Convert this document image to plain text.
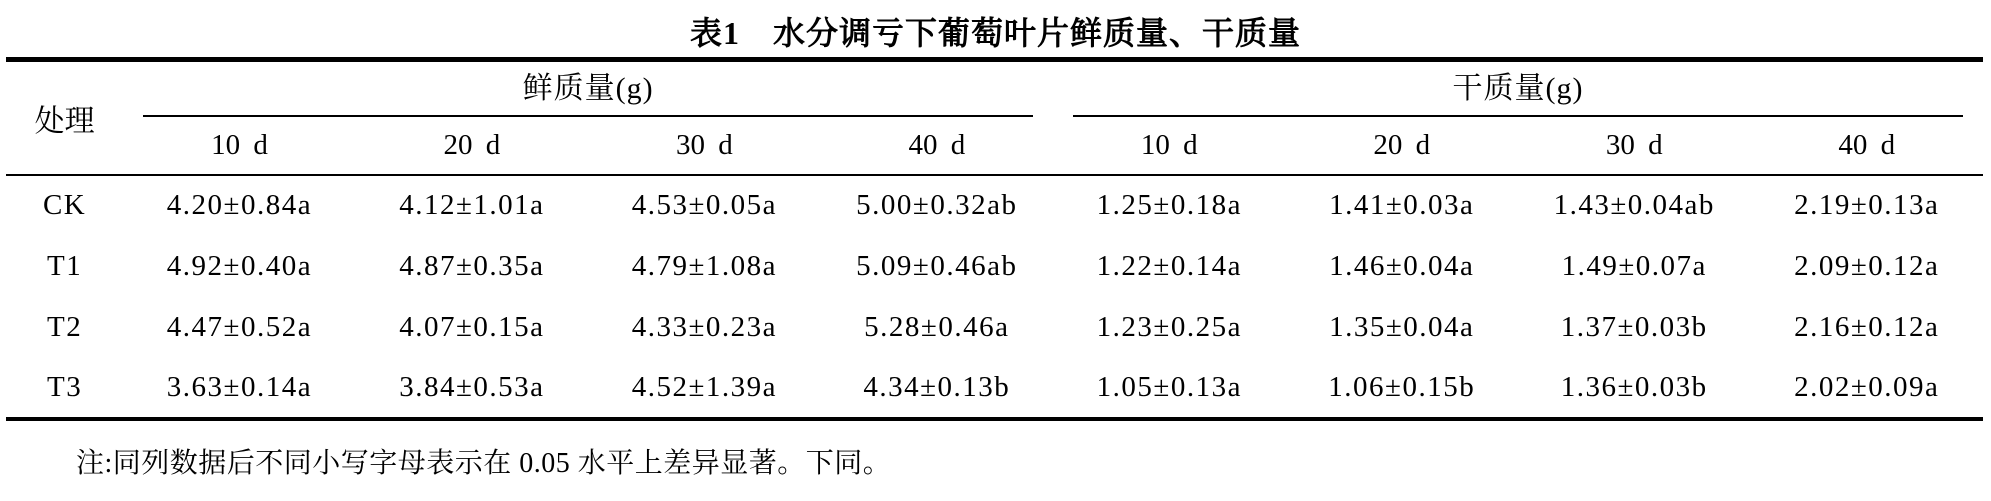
表1　水分调亏下葡萄叶片鲜质量、干质量
处理	鲜质量(g)				干质量(g)			

	10 d	20 d	30 d	40 d	10 d	20 d	30 d	40 d
CK	4.20±0.84a	4.12±1.01a	4.53±0.05a	5.00±0.32ab	1.25±0.18a	1.41±0.03a	1.43±0.04ab	2.19±0.13a
T1	4.92±0.40a	4.87±0.35a	4.79±1.08a	5.09±0.46ab	1.22±0.14a	1.46±0.04a	1.49±0.07a	2.09±0.12a
T2	4.47±0.52a	4.07±0.15a	4.33±0.23a	5.28±0.46a	1.23±0.25a	1.35±0.04a	1.37±0.03b	2.16±0.12a
T3	3.63±0.14a	3.84±0.53a	4.52±1.39a	4.34±0.13b	1.05±0.13a	1.06±0.15b	1.36±0.03b	2.02±0.09a
注:同列数据后不同小写字母表示在 0.05 水平上差异显著。下同。
